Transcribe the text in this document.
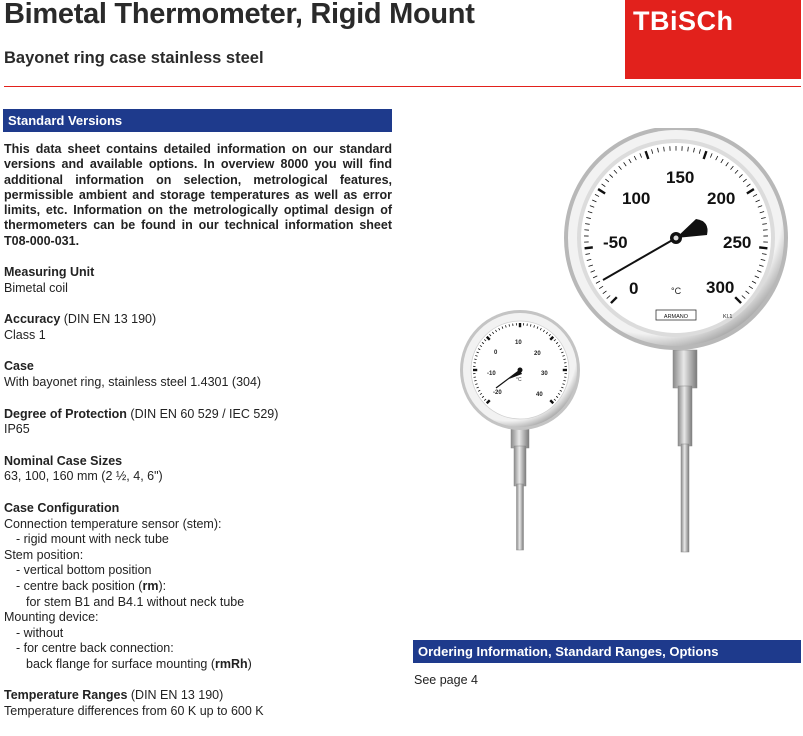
Bimetal Thermometer, Rigid Mount
Bayonet ring case stainless steel
TBiSCh
Standard Versions

This data sheet contains detailed information on our standard versions and available options. In overview 8000 you will find additional information on selection, metrological features, permissible ambient and storage temperatures as well as error limits, etc. Information on the metrologically optimal design of thermometers can be found in our technical information sheet T08-000-031.

Measuring Unit
Bimetal coil
Accuracy (DIN EN 13 190)
Class 1
Case
With bayonet ring, stainless steel 1.4301 (304)
Degree of Protection (DIN EN 60 529 / IEC 529)
IP65
Nominal Case Sizes
63, 100, 160 mm (2 ½, 4, 6")
Case Configuration
Connection temperature sensor (stem):
- rigid mount with neck tube
Stem position:
- vertical bottom position
- centre back position (rm):
for stem B1 and B4.1 without neck tube
Mounting device:
- without
- for centre back connection:
back flange for surface mounting (rmRh)
Temperature Ranges (DIN EN 13 190)
Temperature differences from 60 K up to 600 K
-20
-10
0
10
20
30
40
°C
-50
0
100
150
200
250
300
°C
ARMANO	Kl.1
Ordering Information, Standard Ranges, Options
See page 4
